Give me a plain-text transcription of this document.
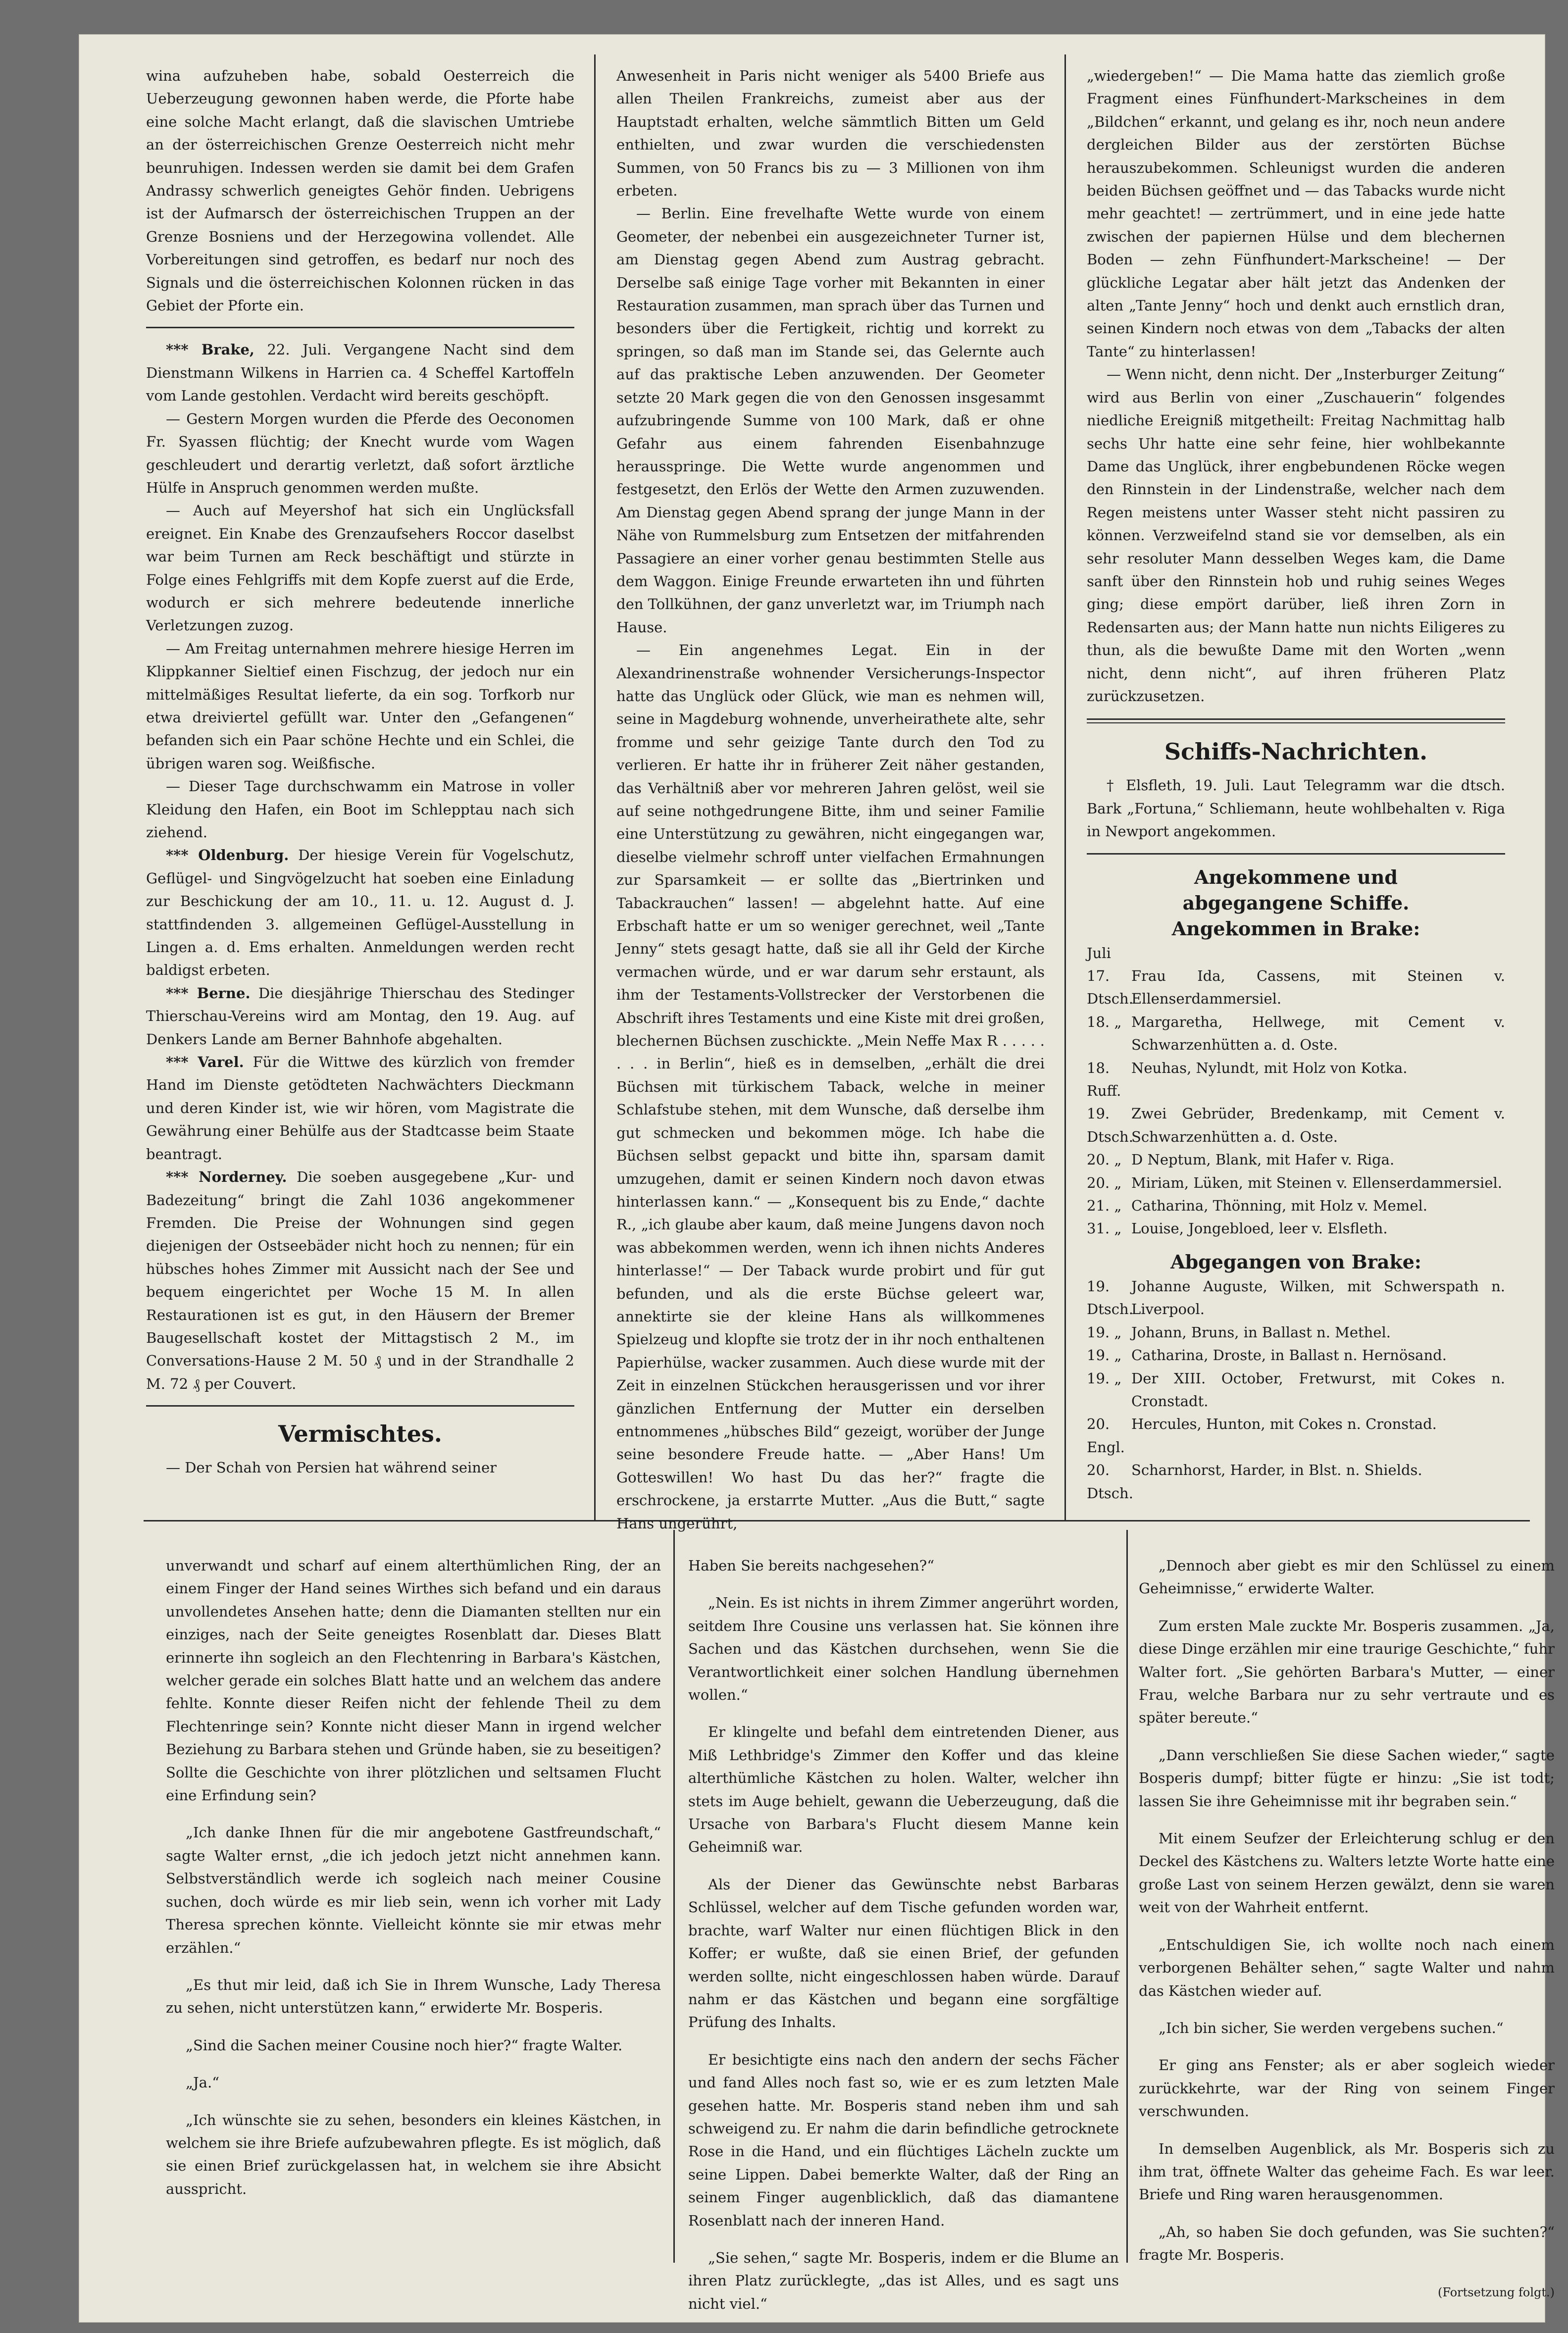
wina aufzuheben habe, sobald Oesterreich die Ueberzeugung gewonnen haben werde, die Pforte habe eine solche Macht erlangt, daß die slavischen Umtriebe an der österreichischen Grenze Oesterreich nicht mehr beunruhigen. Indessen werden sie damit bei dem Grafen Andrassy schwerlich geneigtes Gehör finden. Uebrigens ist der Aufmarsch der österreichischen Truppen an der Grenze Bosniens und der Herzegowina vollendet. Alle Vorbereitungen sind getroffen, es bedarf nur noch des Signals und die österreichischen Kolonnen rücken in das Gebiet der Pforte ein.

*** Brake, 22. Juli. Vergangene Nacht sind dem Dienstmann Wilkens in Harrien ca. 4 Scheffel Kartoffeln vom Lande gestohlen. Verdacht wird bereits geschöpft.

— Gestern Morgen wurden die Pferde des Oeconomen Fr. Syassen flüchtig; der Knecht wurde vom Wagen geschleudert und derartig verletzt, daß sofort ärztliche Hülfe in Anspruch genommen werden mußte.

— Auch auf Meyershof hat sich ein Unglücksfall ereignet. Ein Knabe des Grenzaufsehers Roccor daselbst war beim Turnen am Reck beschäftigt und stürzte in Folge eines Fehlgriffs mit dem Kopfe zuerst auf die Erde, wodurch er sich mehrere bedeutende innerliche Verletzungen zuzog.

— Am Freitag unternahmen mehrere hiesige Herren im Klippkanner Sieltief einen Fischzug, der jedoch nur ein mittelmäßiges Resultat lieferte, da ein sog. Torfkorb nur etwa dreiviertel gefüllt war. Unter den „Gefangenen“ befanden sich ein Paar schöne Hechte und ein Schlei, die übrigen waren sog. Weißfische.

— Dieser Tage durchschwamm ein Matrose in voller Kleidung den Hafen, ein Boot im Schlepptau nach sich ziehend.

*** Oldenburg. Der hiesige Verein für Vogelschutz, Geflügel- und Singvögelzucht hat soeben eine Einladung zur Beschickung der am 10., 11. u. 12. August d. J. stattfindenden 3. allgemeinen Geflügel-Ausstellung in Lingen a. d. Ems erhalten. Anmeldungen werden recht baldigst erbeten.

*** Berne. Die diesjährige Thierschau des Stedinger Thierschau-Vereins wird am Montag, den 19. Aug. auf Denkers Lande am Berner Bahnhofe abgehalten.

*** Varel. Für die Wittwe des kürzlich von fremder Hand im Dienste getödteten Nachwächters Dieckmann und deren Kinder ist, wie wir hören, vom Magistrate die Gewährung einer Behülfe aus der Stadtcasse beim Staate beantragt.

*** Norderney. Die soeben ausgegebene „Kur- und Badezeitung“ bringt die Zahl 1036 angekommener Fremden. Die Preise der Wohnungen sind gegen diejenigen der Ostseebäder nicht hoch zu nennen; für ein hübsches hohes Zimmer mit Aussicht nach der See und bequem eingerichtet per Woche 15 M. In allen Restaurationen ist es gut, in den Häusern der Bremer Baugesellschaft kostet der Mittagstisch 2 M., im Conversations-Hause 2 M. 50 ₰ und in der Strandhalle 2 M. 72 ₰ per Couvert.

Vermischtes.

— Der Schah von Persien hat während seiner

Anwesenheit in Paris nicht weniger als 5400 Briefe aus allen Theilen Frankreichs, zumeist aber aus der Hauptstadt erhalten, welche sämmtlich Bitten um Geld enthielten, und zwar wurden die verschiedensten Summen, von 50 Francs bis zu — 3 Millionen von ihm erbeten.

— Berlin. Eine frevelhafte Wette wurde von einem Geometer, der nebenbei ein ausgezeichneter Turner ist, am Dienstag gegen Abend zum Austrag gebracht. Derselbe saß einige Tage vorher mit Bekannten in einer Restauration zusammen, man sprach über das Turnen und besonders über die Fertigkeit, richtig und korrekt zu springen, so daß man im Stande sei, das Gelernte auch auf das praktische Leben anzuwenden. Der Geometer setzte 20 Mark gegen die von den Genossen insgesammt aufzubringende Summe von 100 Mark, daß er ohne Gefahr aus einem fahrenden Eisenbahnzuge herausspringe. Die Wette wurde angenommen und festgesetzt, den Erlös der Wette den Armen zuzuwenden. Am Dienstag gegen Abend sprang der junge Mann in der Nähe von Rummelsburg zum Entsetzen der mitfahrenden Passagiere an einer vorher genau bestimmten Stelle aus dem Waggon. Einige Freunde erwarteten ihn und führten den Tollkühnen, der ganz unverletzt war, im Triumph nach Hause.

— Ein angenehmes Legat. Ein in der Alexandrinenstraße wohnender Versicherungs-Inspector hatte das Unglück oder Glück, wie man es nehmen will, seine in Magdeburg wohnende, unverheirathete alte, sehr fromme und sehr geizige Tante durch den Tod zu verlieren. Er hatte ihr in früherer Zeit näher gestanden, das Verhältniß aber vor mehreren Jahren gelöst, weil sie auf seine nothgedrungene Bitte, ihm und seiner Familie eine Unterstützung zu gewähren, nicht eingegangen war, dieselbe vielmehr schroff unter vielfachen Ermahnungen zur Sparsamkeit — er sollte das „Biertrinken und Tabackrauchen“ lassen! — abgelehnt hatte. Auf eine Erbschaft hatte er um so weniger gerechnet, weil „Tante Jenny“ stets gesagt hatte, daß sie all ihr Geld der Kirche vermachen würde, und er war darum sehr erstaunt, als ihm der Testaments-Vollstrecker der Verstorbenen die Abschrift ihres Testaments und eine Kiste mit drei großen, blechernen Büchsen zuschickte. „Mein Neffe Max R . . . . . . . . in Berlin“, hieß es in demselben, „erhält die drei Büchsen mit türkischem Taback, welche in meiner Schlafstube stehen, mit dem Wunsche, daß derselbe ihm gut schmecken und bekommen möge. Ich habe die Büchsen selbst gepackt und bitte ihn, sparsam damit umzugehen, damit er seinen Kindern noch davon etwas hinterlassen kann.“ — „Konsequent bis zu Ende,“ dachte R., „ich glaube aber kaum, daß meine Jungens davon noch was abbekommen werden, wenn ich ihnen nichts Anderes hinterlasse!“ — Der Taback wurde probirt und für gut befunden, und als die erste Büchse geleert war, annektirte sie der kleine Hans als willkommenes Spielzeug und klopfte sie trotz der in ihr noch enthaltenen Papierhülse, wacker zusammen. Auch diese wurde mit der Zeit in einzelnen Stückchen herausgerissen und vor ihrer gänzlichen Entfernung der Mutter ein derselben entnommenes „hübsches Bild“ gezeigt, worüber der Junge seine besondere Freude hatte. — „Aber Hans! Um Gotteswillen! Wo hast Du das her?“ fragte die erschrockene, ja erstarrte Mutter. „Aus die Butt,“ sagte Hans ungerührt,

„wiedergeben!“ — Die Mama hatte das ziemlich große Fragment eines Fünfhundert-Markscheines in dem „Bildchen“ erkannt, und gelang es ihr, noch neun andere dergleichen Bilder aus der zerstörten Büchse herauszubekommen. Schleunigst wurden die anderen beiden Büchsen geöffnet und — das Tabacks wurde nicht mehr geachtet! — zertrümmert, und in eine jede hatte zwischen der papiernen Hülse und dem blechernen Boden — zehn Fünfhundert-Markscheine! — Der glückliche Legatar aber hält jetzt das Andenken der alten „Tante Jenny“ hoch und denkt auch ernstlich dran, seinen Kindern noch etwas von dem „Tabacks der alten Tante“ zu hinterlassen!

— Wenn nicht, denn nicht. Der „Insterburger Zeitung“ wird aus Berlin von einer „Zuschauerin“ folgendes niedliche Ereigniß mitgetheilt: Freitag Nachmittag halb sechs Uhr hatte eine sehr feine, hier wohlbekannte Dame das Unglück, ihrer engbebundenen Röcke wegen den Rinnstein in der Lindenstraße, welcher nach dem Regen meistens unter Wasser steht nicht passiren zu können. Verzweifelnd stand sie vor demselben, als ein sehr resoluter Mann desselben Weges kam, die Dame sanft über den Rinnstein hob und ruhig seines Weges ging; diese empört darüber, ließ ihren Zorn in Redensarten aus; der Mann hatte nun nichts Eiligeres zu thun, als die bewußte Dame mit den Worten „wenn nicht, denn nicht“, auf ihren früheren Platz zurückzusetzen.

Schiffs-Nachrichten.

† Elsfleth, 19. Juli. Laut Telegramm war die dtsch. Bark „Fortuna,“ Schliemann, heute wohlbehalten v. Riga in Newport angekommen.

Angekommene und

abgegangene Schiffe.

Angekommen in Brake:

Juli

17. Dtsch.
Frau Ida, Cassens, mit Steinen v. Ellenserdammersiel.
18. „ Margaretha, Hellwege, mit Cement v. Schwarzenhütten a. d. Oste.
18. Ruff.
Neuhas, Nylundt, mit Holz von Kotka.
19. Dtsch.
Zwei Gebrüder, Bredenkamp, mit Cement v. Schwarzenhütten a. d. Oste.
20. „ D Neptum, Blank, mit Hafer v. Riga.
20. „ Miriam, Lüken, mit Steinen v. Ellenserdammersiel.
21. „ Catharina, Thönning, mit Holz v. Memel.
31. „ Louise, Jongebloed, leer v. Elsfleth.

Abgegangen von Brake:

19. Dtsch.
Johanne Auguste, Wilken, mit Schwerspath n. Liverpool.
19. „ Johann, Bruns, in Ballast n. Methel.
19. „ Catharina, Droste, in Ballast n. Hernösand.
19. „ Der XIII. October, Fretwurst, mit Cokes n. Cronstadt.
20. Engl.
Hercules, Hunton, mit Cokes n. Cronstad.
20. Dtsch.
Scharnhorst, Harder, in Blst. n. Shields.

unverwandt und scharf auf einem alterthümlichen Ring, der an einem Finger der Hand seines Wirthes sich befand und ein daraus unvollendetes Ansehen hatte; denn die Diamanten stellten nur ein einziges, nach der Seite geneigtes Rosenblatt dar. Dieses Blatt erinnerte ihn sogleich an den Flechtenring in Barbara's Kästchen, welcher gerade ein solches Blatt hatte und an welchem das andere fehlte. Konnte dieser Reifen nicht der fehlende Theil zu dem Flechtenringe sein? Konnte nicht dieser Mann in irgend welcher Beziehung zu Barbara stehen und Gründe haben, sie zu beseitigen? Sollte die Geschichte von ihrer plötzlichen und seltsamen Flucht eine Erfindung sein?

„Ich danke Ihnen für die mir angebotene Gastfreundschaft,“ sagte Walter ernst, „die ich jedoch jetzt nicht annehmen kann. Selbstverständlich werde ich sogleich nach meiner Cousine suchen, doch würde es mir lieb sein, wenn ich vorher mit Lady Theresa sprechen könnte. Vielleicht könnte sie mir etwas mehr erzählen.“

„Es thut mir leid, daß ich Sie in Ihrem Wunsche, Lady Theresa zu sehen, nicht unterstützen kann,“ erwiderte Mr. Bosperis.

„Sind die Sachen meiner Cousine noch hier?“ fragte Walter.

„Ja.“

„Ich wünschte sie zu sehen, besonders ein kleines Kästchen, in welchem sie ihre Briefe aufzubewahren pflegte. Es ist möglich, daß sie einen Brief zurückgelassen hat, in welchem sie ihre Absicht ausspricht.

Haben Sie bereits nachgesehen?“

„Nein. Es ist nichts in ihrem Zimmer angerührt worden, seitdem Ihre Cousine uns verlassen hat. Sie können ihre Sachen und das Kästchen durchsehen, wenn Sie die Verantwortlichkeit einer solchen Handlung übernehmen wollen.“

Er klingelte und befahl dem eintretenden Diener, aus Miß Lethbridge's Zimmer den Koffer und das kleine alterthümliche Kästchen zu holen. Walter, welcher ihn stets im Auge behielt, gewann die Ueberzeugung, daß die Ursache von Barbara's Flucht diesem Manne kein Geheimniß war.

Als der Diener das Gewünschte nebst Barbaras Schlüssel, welcher auf dem Tische gefunden worden war, brachte, warf Walter nur einen flüchtigen Blick in den Koffer; er wußte, daß sie einen Brief, der gefunden werden sollte, nicht eingeschlossen haben würde. Darauf nahm er das Kästchen und begann eine sorgfältige Prüfung des Inhalts.

Er besichtigte eins nach den andern der sechs Fächer und fand Alles noch fast so, wie er es zum letzten Male gesehen hatte. Mr. Bosperis stand neben ihm und sah schweigend zu. Er nahm die darin befindliche getrocknete Rose in die Hand, und ein flüchtiges Lächeln zuckte um seine Lippen. Dabei bemerkte Walter, daß der Ring an seinem Finger augenblicklich, daß das diamantene Rosenblatt nach der inneren Hand.

„Sie sehen,“ sagte Mr. Bosperis, indem er die Blume an ihren Platz zurücklegte, „das ist Alles, und es sagt uns nicht viel.“

„Dennoch aber giebt es mir den Schlüssel zu einem Geheimnisse,“ erwiderte Walter.

Zum ersten Male zuckte Mr. Bosperis zusammen. „Ja, diese Dinge erzählen mir eine traurige Geschichte,“ fuhr Walter fort. „Sie gehörten Barbara's Mutter, — einer Frau, welche Barbara nur zu sehr vertraute und es später bereute.“

„Dann verschließen Sie diese Sachen wieder,“ sagte Bosperis dumpf; bitter fügte er hinzu: „Sie ist todt; lassen Sie ihre Geheimnisse mit ihr begraben sein.“

Mit einem Seufzer der Erleichterung schlug er den Deckel des Kästchens zu. Walters letzte Worte hatte eine große Last von seinem Herzen gewälzt, denn sie waren weit von der Wahrheit entfernt.

„Entschuldigen Sie, ich wollte noch nach einem verborgenen Behälter sehen,“ sagte Walter und nahm das Kästchen wieder auf.

„Ich bin sicher, Sie werden vergebens suchen.“

Er ging ans Fenster; als er aber sogleich wieder zurückkehrte, war der Ring von seinem Finger verschwunden.

In demselben Augenblick, als Mr. Bosperis sich zu ihm trat, öffnete Walter das geheime Fach. Es war leer. Briefe und Ring waren herausgenommen.

„Ah, so haben Sie doch gefunden, was Sie suchten?“ fragte Mr. Bosperis.

(Fortsetzung folgt.)
